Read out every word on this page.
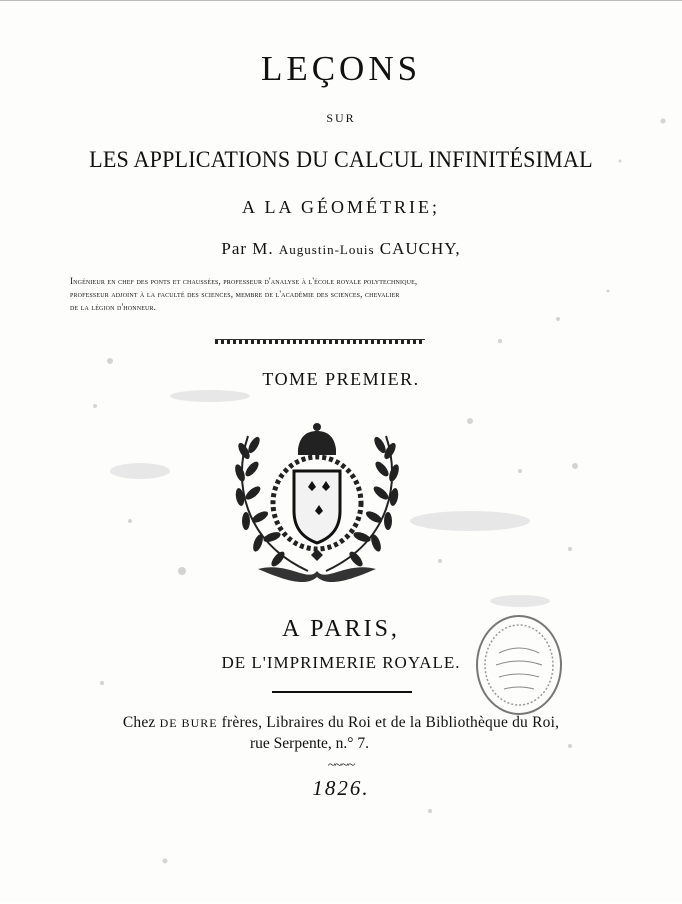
LEÇONS
SUR
LES APPLICATIONS DU CALCUL INFINITÉSIMAL
A LA GÉOMÉTRIE;
Par M. Augustin-Louis CAUCHY,
Ingénieur en chef des ponts et chaussées, professeur d'analyse à l'école royale polytechnique,
professeur adjoint à la faculté des sciences, membre de l'académie des sciences, chevalier
de la légion d'honneur.
TOME PREMIER.
A PARIS,
DE L'IMPRIMERIE ROYALE.
Chez DE BURE frères, Libraires du Roi et de la Bibliothèque du Roi,
rue Serpente, n.° 7.
~~~~
1826.
